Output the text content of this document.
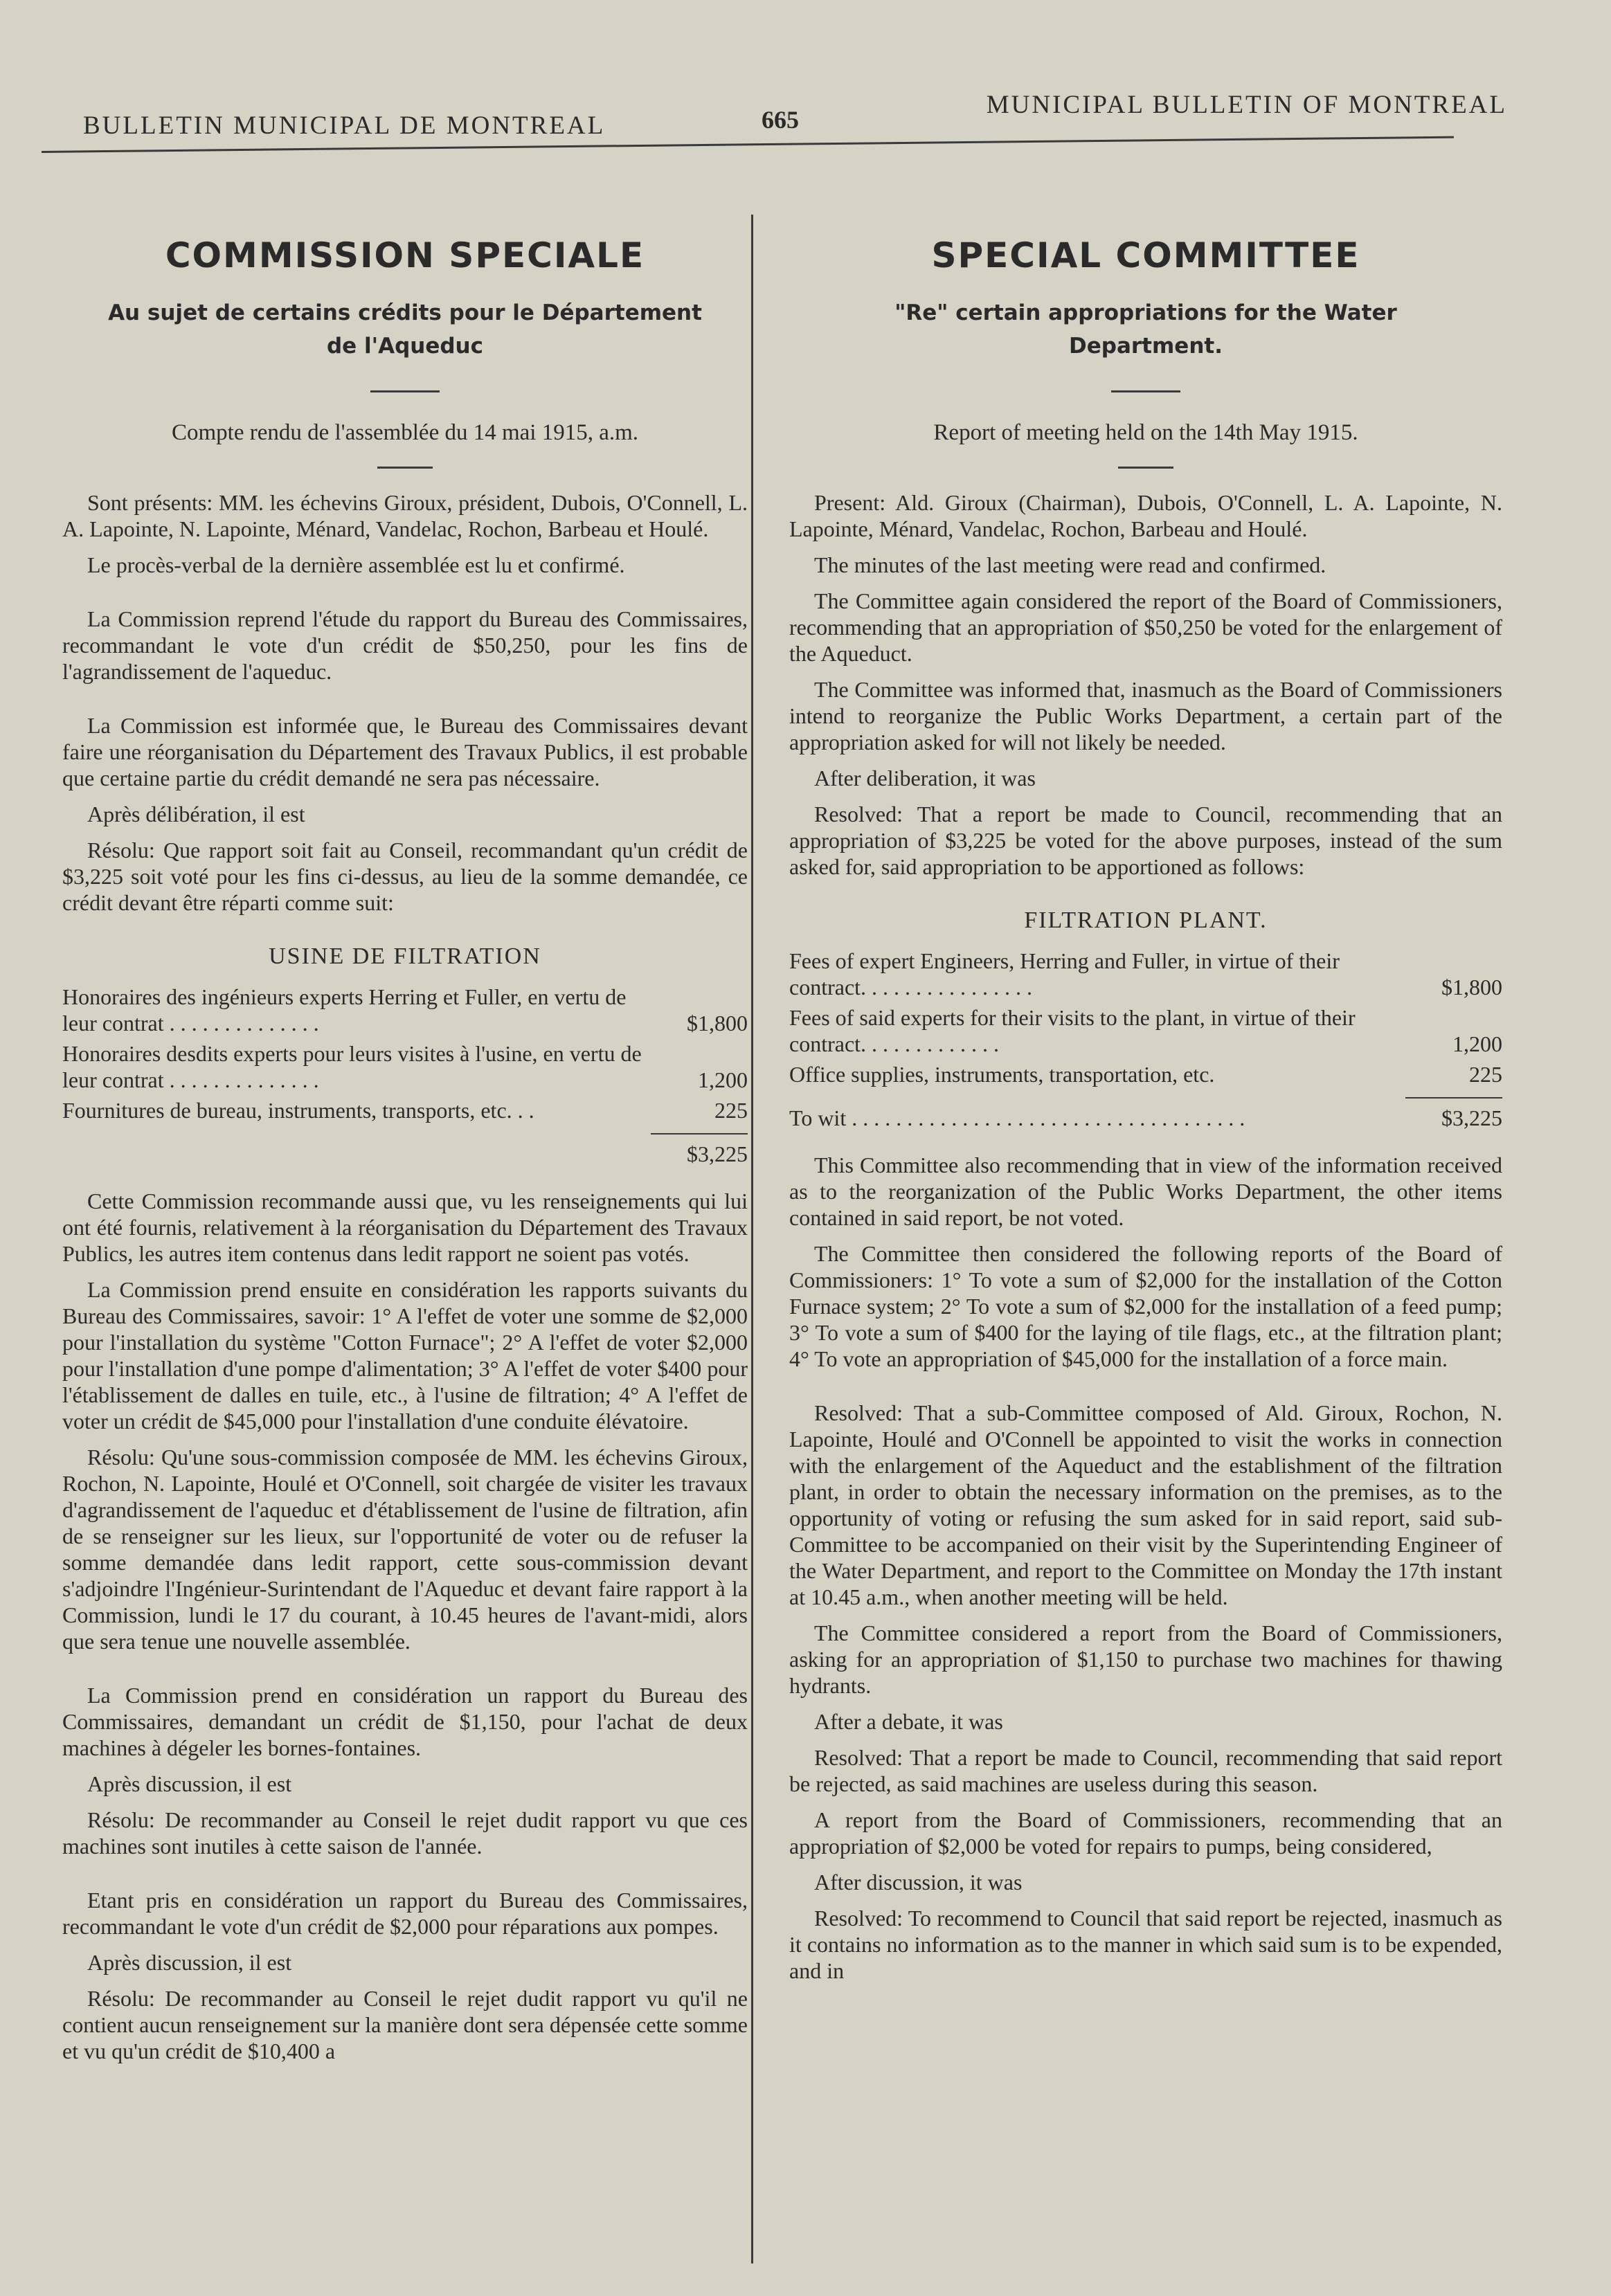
BULLETIN MUNICIPAL DE MONTREAL	665
MUNICIPAL BULLETIN OF MONTREAL
COMMISSION SPECIALE
Au sujet de certains crédits pour le Département de l'Aqueduc
Compte rendu de l'assemblée du 14 mai 1915, a.m.

Sont présents: MM. les échevins Giroux, président, Dubois, O'Connell, L. A. Lapointe, N. Lapointe, Ménard, Vandelac, Rochon, Barbeau et Houlé.

Le procès-verbal de la dernière assemblée est lu et confirmé.

La Commission reprend l'étude du rapport du Bureau des Commissaires, recommandant le vote d'un crédit de $50,250, pour les fins de l'agrandissement de l'aqueduc.

La Commission est informée que, le Bureau des Commissaires devant faire une réorganisation du Département des Travaux Publics, il est probable que certaine partie du crédit demandé ne sera pas nécessaire.

Après délibération, il est

Résolu: Que rapport soit fait au Conseil, recommandant qu'un crédit de $3,225 soit voté pour les fins ci-dessus, au lieu de la somme demandée, ce crédit devant être réparti comme suit:

USINE DE FILTRATION
Honoraires des ingénieurs experts Herring et Fuller, en vertu de leur contrat . . . . . . . . . . . . . .	$1,800
Honoraires desdits experts pour leurs visites à l'usine, en vertu de leur contrat . . . . . . . . . . . . . .	1,200
Fournitures de bureau, instruments, transports, etc. . .	225
$3,225

Cette Commission recommande aussi que, vu les renseignements qui lui ont été fournis, relativement à la réorganisation du Département des Travaux Publics, les autres item contenus dans ledit rapport ne soient pas votés.

La Commission prend ensuite en considération les rapports suivants du Bureau des Commissaires, savoir: 1° A l'effet de voter une somme de $2,000 pour l'installation du système "Cotton Furnace"; 2° A l'effet de voter $2,000 pour l'installation d'une pompe d'alimentation; 3° A l'effet de voter $400 pour l'établissement de dalles en tuile, etc., à l'usine de filtration; 4° A l'effet de voter un crédit de $45,000 pour l'installation d'une conduite élévatoire.

Résolu: Qu'une sous-commission composée de MM. les échevins Giroux, Rochon, N. Lapointe, Houlé et O'Connell, soit chargée de visiter les travaux d'agrandissement de l'aqueduc et d'établissement de l'usine de filtration, afin de se renseigner sur les lieux, sur l'opportunité de voter ou de refuser la somme demandée dans ledit rapport, cette sous-commission devant s'adjoindre l'Ingénieur-Surintendant de l'Aqueduc et devant faire rapport à la Commission, lundi le 17 du courant, à 10.45 heures de l'avant-midi, alors que sera tenue une nouvelle assemblée.

La Commission prend en considération un rapport du Bureau des Commissaires, demandant un crédit de $1,150, pour l'achat de deux machines à dégeler les bornes-fontaines.

Après discussion, il est

Résolu: De recommander au Conseil le rejet dudit rapport vu que ces machines sont inutiles à cette saison de l'année.

Etant pris en considération un rapport du Bureau des Commissaires, recommandant le vote d'un crédit de $2,000 pour réparations aux pompes.

Après discussion, il est

Résolu: De recommander au Conseil le rejet dudit rapport vu qu'il ne contient aucun renseignement sur la manière dont sera dépensée cette somme et vu qu'un crédit de $10,400 a

SPECIAL COMMITTEE
"Re" certain appropriations for the Water Department.
Report of meeting held on the 14th May 1915.

Present: Ald. Giroux (Chairman), Dubois, O'Connell, L. A. Lapointe, N. Lapointe, Ménard, Vandelac, Rochon, Barbeau and Houlé.

The minutes of the last meeting were read and confirmed.

The Committee again considered the report of the Board of Commissioners, recommending that an appropriation of $50,250 be voted for the enlargement of the Aqueduct.

The Committee was informed that, inasmuch as the Board of Commissioners intend to reorganize the Public Works Department, a certain part of the appropriation asked for will not likely be needed.

After deliberation, it was

Resolved: That a report be made to Council, recommending that an appropriation of $3,225 be voted for the above purposes, instead of the sum asked for, said appropriation to be apportioned as follows:

FILTRATION PLANT.
Fees of expert Engineers, Herring and Fuller, in virtue of their contract. . . . . . . . . . . . . . . .	$1,800
Fees of said experts for their visits to the plant, in virtue of their contract. . . . . . . . . . . . .	1,200
Office supplies, instruments, transportation, etc.	225
To wit . . . . . . . . . . . . . . . . . . . . . . . . . . . . . . . . . . . .	$3,225

This Committee also recommending that in view of the information received as to the reorganization of the Public Works Department, the other items contained in said report, be not voted.

The Committee then considered the following reports of the Board of Commissioners: 1° To vote a sum of $2,000 for the installation of the Cotton Furnace system; 2° To vote a sum of $2,000 for the installation of a feed pump; 3° To vote a sum of $400 for the laying of tile flags, etc., at the filtration plant; 4° To vote an appropriation of $45,000 for the installation of a force main.

Resolved: That a sub-Committee composed of Ald. Giroux, Rochon, N. Lapointe, Houlé and O'Connell be appointed to visit the works in connection with the enlargement of the Aqueduct and the establishment of the filtration plant, in order to obtain the necessary information on the premises, as to the opportunity of voting or refusing the sum asked for in said report, said sub-Committee to be accompanied on their visit by the Superintending Engineer of the Water Department, and report to the Committee on Monday the 17th instant at 10.45 a.m., when another meeting will be held.

The Committee considered a report from the Board of Commissioners, asking for an appropriation of $1,150 to purchase two machines for thawing hydrants.

After a debate, it was

Resolved: That a report be made to Council, recommending that said report be rejected, as said machines are useless during this season.

A report from the Board of Commissioners, recommending that an appropriation of $2,000 be voted for repairs to pumps, being considered,

After discussion, it was

Resolved: To recommend to Council that said report be rejected, inasmuch as it contains no information as to the manner in which said sum is to be expended, and in
